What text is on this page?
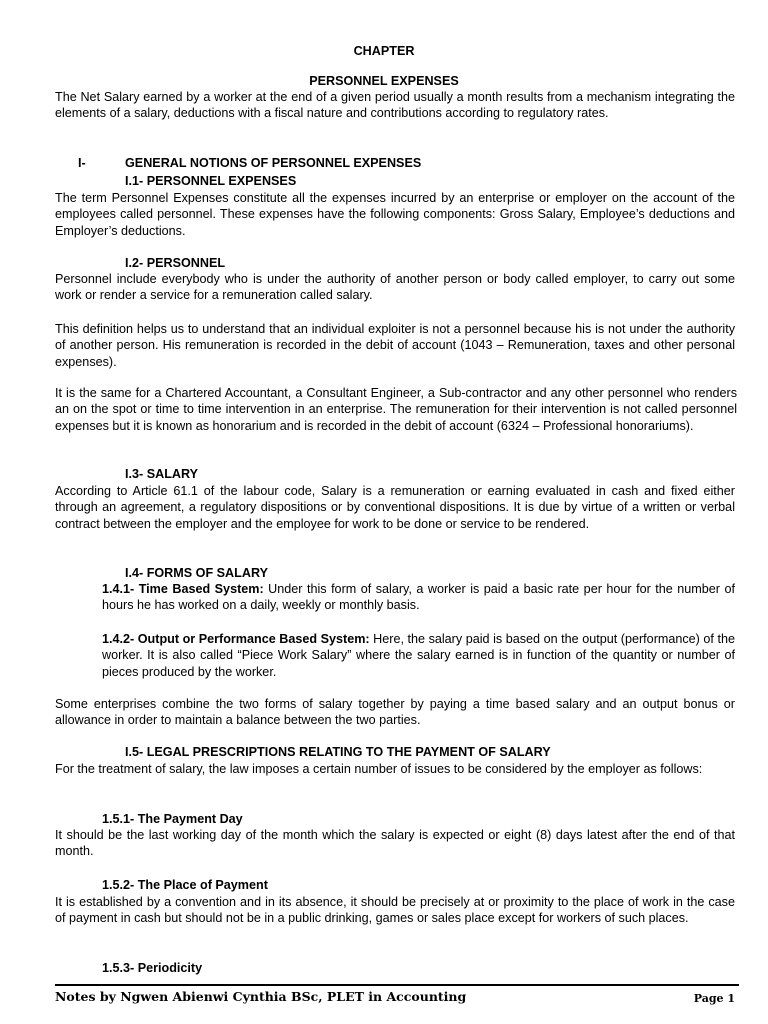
CHAPTER
PERSONNEL EXPENSES
The Net Salary earned by a worker at the end of a given period usually a month results from a mechanism integrating the elements of a salary, deductions with a fiscal nature and contributions according to regulatory rates.
I-	GENERAL NOTIONS OF PERSONNEL EXPENSES
I.1- PERSONNEL EXPENSES
The term Personnel Expenses constitute all the expenses incurred by an enterprise or employer on the account of the employees called personnel. These expenses have the following components: Gross Salary, Employee’s deductions and Employer’s deductions.
I.2- PERSONNEL
Personnel include everybody who is under the authority of another person or body called employer, to carry out some work or render a service for a remuneration called salary.
This definition helps us to understand that an individual exploiter is not a personnel because his is not under the authority of another person. His remuneration is recorded in the debit of account (1043 – Remuneration, taxes and other personal expenses).
It is the same for a Chartered Accountant, a Consultant Engineer, a Sub-contractor and any other personnel who renders an on the spot or time to time intervention in an enterprise. The remuneration for their intervention is not called personnel expenses but it is known as honorarium and is recorded in the debit of account (6324 – Professional honorariums).
I.3- SALARY
According to Article 61.1 of the labour code, Salary is a remuneration or earning evaluated in cash and fixed either through an agreement, a regulatory dispositions or by conventional dispositions. It is due by virtue of a written or verbal contract between the employer and the employee for work to be done or service to be rendered.
I.4- FORMS OF SALARY
1.4.1- Time Based System: Under this form of salary, a worker is paid a basic rate per hour for the number of hours he has worked on a daily, weekly or monthly basis.
1.4.2- Output or Performance Based System: Here, the salary paid is based on the output (performance) of the worker. It is also called “Piece Work Salary” where the salary earned is in function of the quantity or number of pieces produced by the worker.
Some enterprises combine the two forms of salary together by paying a time based salary and an output bonus or allowance in order to maintain a balance between the two parties.
I.5- LEGAL PRESCRIPTIONS RELATING TO THE PAYMENT OF SALARY
For the treatment of salary, the law imposes a certain number of issues to be considered by the employer as follows:
1.5.1- The Payment Day
It should be the last working day of the month which the salary is expected or eight (8) days latest after the end of that month.
1.5.2- The Place of Payment
It is established by a convention and in its absence, it should be precisely at or proximity to the place of work in the case of payment in cash but should not be in a public drinking, games or sales place except for workers of such places.
1.5.3- Periodicity
Notes by Ngwen Abienwi Cynthia BSc, PLET in Accounting	Page 1
